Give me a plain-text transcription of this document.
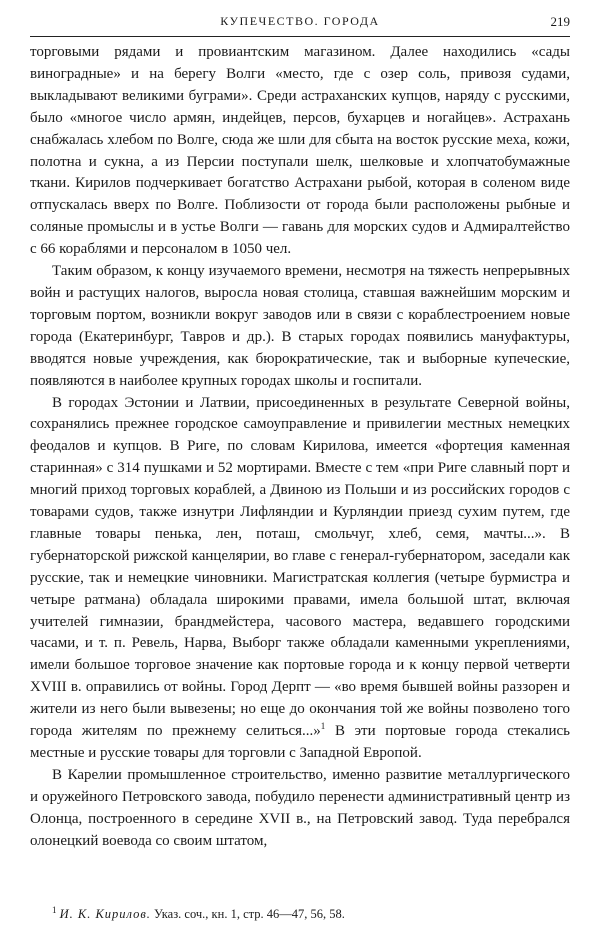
КУПЕЧЕСТВО. ГОРОДА	219

торговыми рядами и провиантским магазином. Далее находились «сады виноградные» и на берегу Волги «место, где с озер соль, привозя судами, выкладывают великими буграми». Среди астраханских купцов, наряду с русскими, было «многое число армян, индейцев, персов, бухарцев и ногайцев». Астрахань снабжалась хлебом по Волге, сюда же шли для сбыта на восток русские меха, кожи, полотна и сукна, а из Персии поступали шелк, шелковые и хлопчатобумажные ткани. Кирилов подчеркивает богатство Астрахани рыбой, которая в соленом виде отпускалась вверх по Волге. Поблизости от города были расположены рыбные и соляные промыслы и в устье Волги — гавань для морских судов и Адмиралтейство с 66 кораблями и персоналом в 1050 чел.

Таким образом, к концу изучаемого времени, несмотря на тяжесть непрерывных войн и растущих налогов, выросла новая столица, ставшая важнейшим морским и торговым портом, возникли вокруг заводов или в связи с кораблестроением новые города (Екатеринбург, Тавров и др.). В старых городах появились мануфактуры, вводятся новые учреждения, как бюрократические, так и выборные купеческие, появляются в наиболее крупных городах школы и госпитали.

В городах Эстонии и Латвии, присоединенных в результате Северной войны, сохранялись прежнее городское самоуправление и привилегии местных немецких феодалов и купцов. В Риге, по словам Кирилова, имеется «фортеция каменная старинная» с 314 пушками и 52 мортирами. Вместе с тем «при Риге славный порт и многий приход торговых кораблей, а Двиною из Польши и из российских городов с товарами судов, также изнутри Лифляндии и Курляндии приезд сухим путем, где главные товары пенька, лен, поташ, смольчуг, хлеб, семя, мачты...». В губернаторской рижской канцелярии, во главе с генерал-губернатором, заседали как русские, так и немецкие чиновники. Магистратская коллегия (четыре бурмистра и четыре ратмана) обладала широкими правами, имела большой штат, включая учителей гимназии, брандмейстера, часового мастера, ведавшего городскими часами, и т. п. Ревель, Нарва, Выборг также обладали каменными укреплениями, имели большое торговое значение как портовые города и к концу первой четверти XVIII в. оправились от войны. Город Дерпт — «во время бывшей войны раззорен и жители из него были вывезены; но еще до окончания той же войны позволено того города жителям по прежнему селиться...»$^1$ В эти портовые города стекались местные и русские товары для торговли с Западной Европой.

В Карелии промышленное строительство, именно развитие металлургического и оружейного Петровского завода, побудило перенести административный центр из Олонца, построенного в середине XVII в., на Петровский завод. Туда перебрался олонецкий воевода со своим штатом,

$^1$ И. К. Кирилов. Указ. соч., кн. 1, стр. 46—47, 56, 58.
